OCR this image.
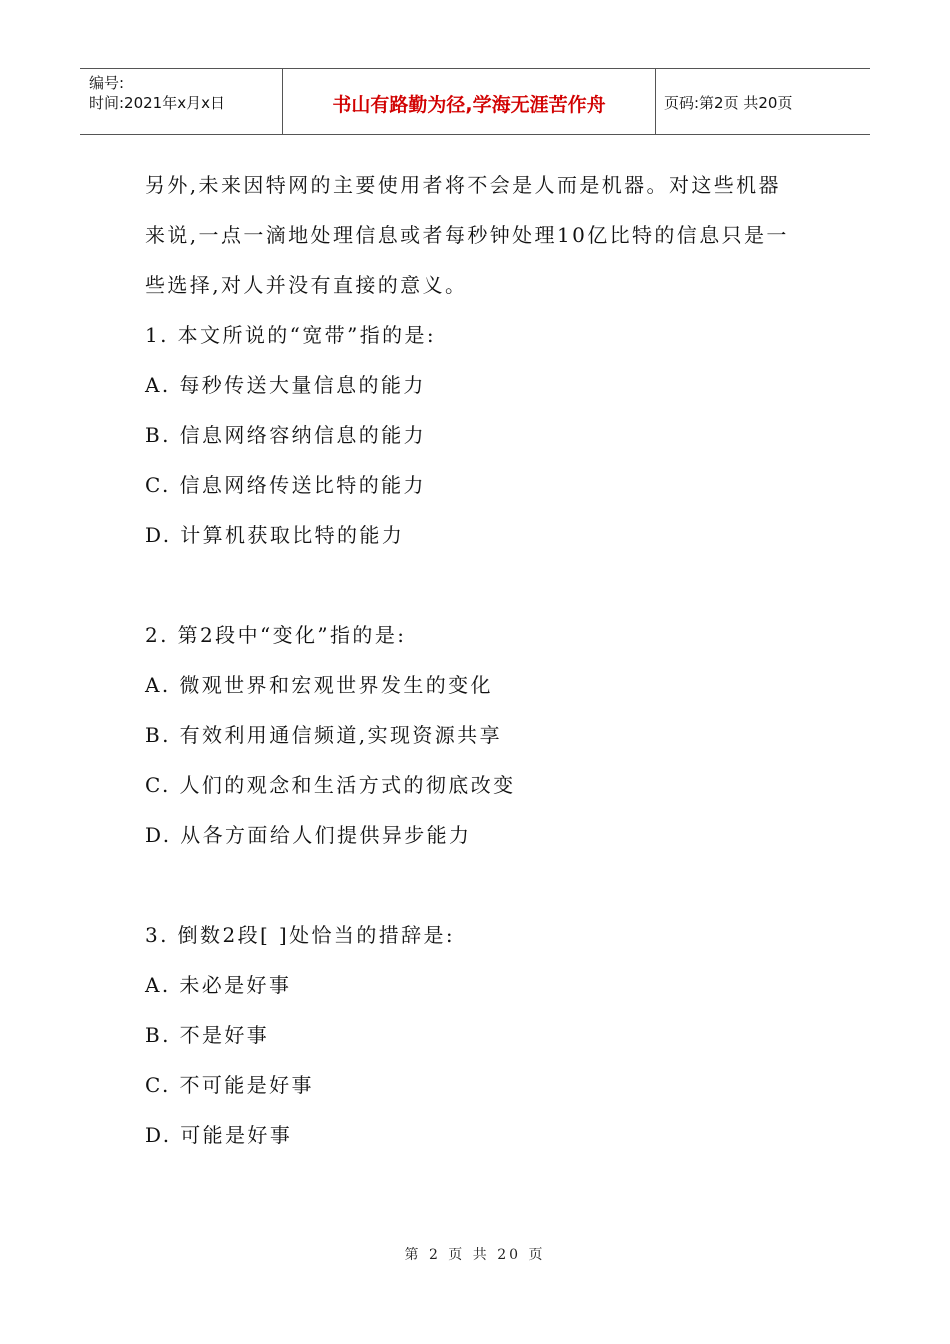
编号:
时间:2021年x月x日	书山有路勤为径,学海无涯苦作舟	页码:第2页 共20页
另外,未来因特网的主要使用者将不会是人而是机器。对这些机器
来说,一点一滴地处理信息或者每秒钟处理10亿比特的信息只是一
些选择,对人并没有直接的意义。
1. 本文所说的“宽带”指的是:
A. 每秒传送大量信息的能力
B. 信息网络容纳信息的能力
C. 信息网络传送比特的能力
D. 计算机获取比特的能力
2. 第2段中“变化”指的是:
A. 微观世界和宏观世界发生的变化
B. 有效利用通信频道,实现资源共享
C. 人们的观念和生活方式的彻底改变
D. 从各方面给人们提供异步能力
3. 倒数2段[ ]处恰当的措辞是:
A. 未必是好事
B. 不是好事
C. 不可能是好事
D. 可能是好事
第 2 页 共 20 页
